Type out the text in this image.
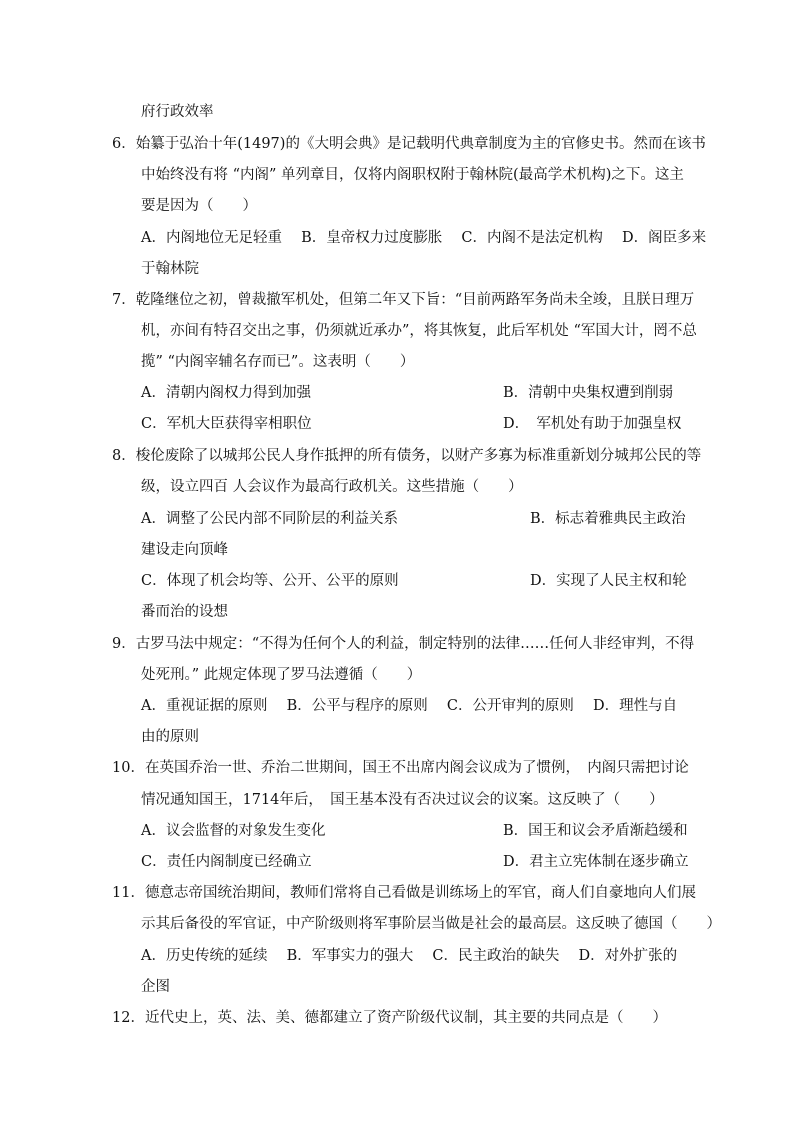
府行政效率
6．始纂于弘治十年(1497)的《大明会典》是记载明代典章制度为主的官修史书。然而在该书
中始终没有将 “内阁” 单列章目，仅将内阁职权附于翰林院(最高学术机构)之下。这主
要是因为（　　）
A．内阁地位无足轻重　 B．皇帝权力过度膨胀　 C．内阁不是法定机构　 D．阁臣多来
于翰林院
7．乾隆继位之初，曾裁撤军机处，但第二年又下旨：“目前两路军务尚未全竣，且朕日理万
机，亦间有特召交出之事，仍须就近承办”，将其恢复，此后军机处 “军国大计，罔不总
揽” “内阁宰辅名存而已”。这表明（　　）
A．清朝内阁权力得到加强	B．清朝中央集权遭到削弱
C．军机大臣获得宰相职位	D．　军机处有助于加强皇权
8．梭伦废除了以城邦公民人身作抵押的所有债务，以财产多寡为标准重新划分城邦公民的等
级，设立四百 人会议作为最高行政机关。这些措施（　　）
A．调整了公民内部不同阶层的利益关系	B．标志着雅典民主政治
建设走向顶峰
C．体现了机会均等、公开、公平的原则	D．实现了人民主权和轮
番而治的设想
9．古罗马法中规定：“不得为任何个人的利益，制定特别的法律……任何人非经审判，不得
处死刑。” 此规定体现了罗马法遵循（　　）
A．重视证据的原则　 B．公平与程序的原则　 C．公开审判的原则　 D．理性与自
由的原则
10．在英国乔治一世、乔治二世期间，国王不出席内阁会议成为了惯例，　内阁只需把讨论
情况通知国王，1714年后，　国王基本没有否决过议会的议案。这反映了（　　）
A．议会监督的对象发生变化	B．国王和议会矛盾渐趋缓和
C．责任内阁制度已经确立	D．君主立宪体制在逐步确立
11．德意志帝国统治期间，教师们常将自己看做是训练场上的军官，商人们自豪地向人们展
示其后备役的军官证，中产阶级则将军事阶层当做是社会的最高层。这反映了德国（　　）
A．历史传统的延续　 B．军事实力的强大　 C．民主政治的缺失　 D．对外扩张的
企图
12．近代史上，英、法、美、德都建立了资产阶级代议制，其主要的共同点是（　　）
